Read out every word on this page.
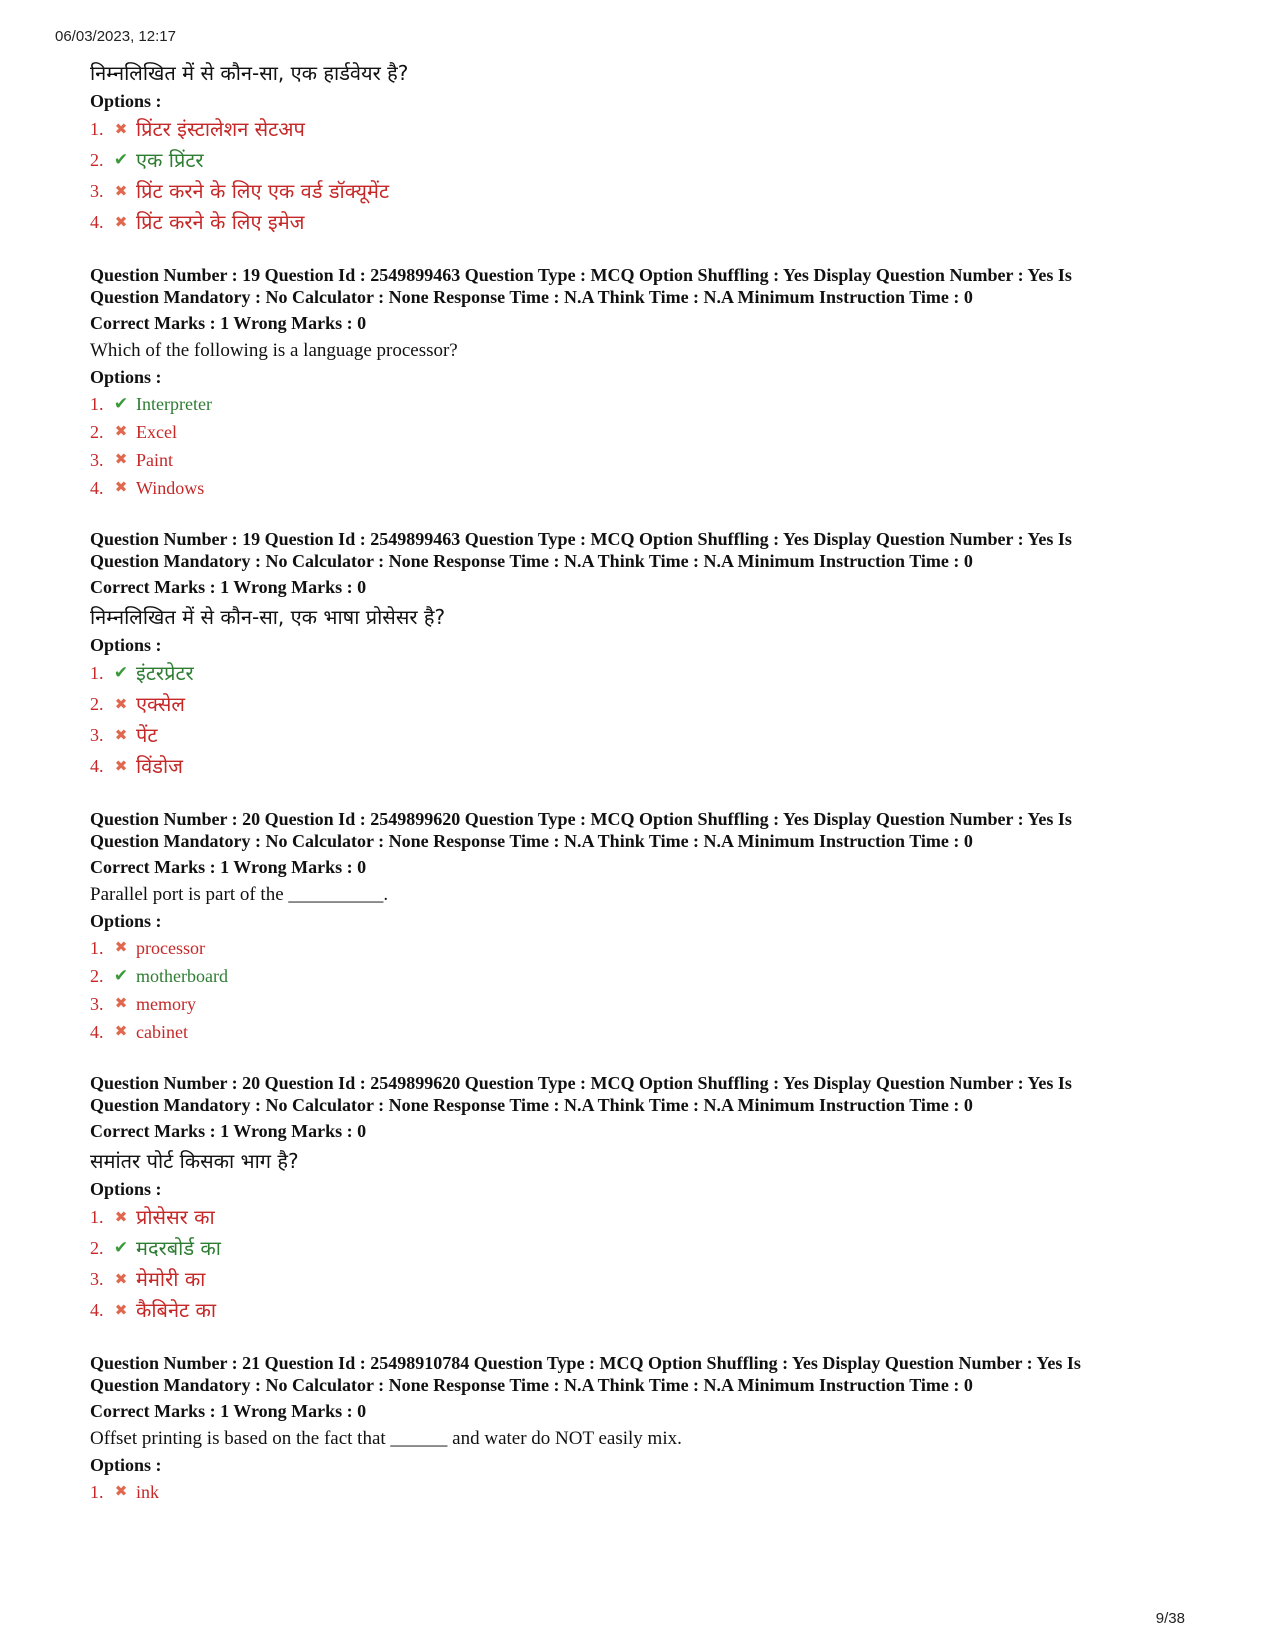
06/03/2023, 12:17

निम्नलिखित में से कौन-सा, एक हार्डवेयर है?

Options :

1. ✖ प्रिंटर इंस्टालेशन सेटअप
2. ✔ एक प्रिंटर
3. ✖ प्रिंट करने के लिए एक वर्ड डॉक्यूमेंट
4. ✖ प्रिंट करने के लिए इमेज

Question Number : 19 Question Id : 2549899463 Question Type : MCQ Option Shuffling : Yes Display Question Number : Yes Is

Question Mandatory : No Calculator : None Response Time : N.A Think Time : N.A Minimum Instruction Time : 0

Correct Marks : 1 Wrong Marks : 0

Which of the following is a language processor?

Options :

1. ✔ Interpreter
2. ✖ Excel
3. ✖ Paint
4. ✖ Windows

Question Number : 19 Question Id : 2549899463 Question Type : MCQ Option Shuffling : Yes Display Question Number : Yes Is

Question Mandatory : No Calculator : None Response Time : N.A Think Time : N.A Minimum Instruction Time : 0

Correct Marks : 1 Wrong Marks : 0

निम्नलिखित में से कौन-सा, एक भाषा प्रोसेसर है?

Options :

1. ✔ इंटरप्रेटर
2. ✖ एक्सेल
3. ✖ पेंट
4. ✖ विंडोज

Question Number : 20 Question Id : 2549899620 Question Type : MCQ Option Shuffling : Yes Display Question Number : Yes Is

Question Mandatory : No Calculator : None Response Time : N.A Think Time : N.A Minimum Instruction Time : 0

Correct Marks : 1 Wrong Marks : 0

Parallel port is part of the __________.

Options :

1. ✖ processor
2. ✔ motherboard
3. ✖ memory
4. ✖ cabinet

Question Number : 20 Question Id : 2549899620 Question Type : MCQ Option Shuffling : Yes Display Question Number : Yes Is

Question Mandatory : No Calculator : None Response Time : N.A Think Time : N.A Minimum Instruction Time : 0

Correct Marks : 1 Wrong Marks : 0

समांतर पोर्ट किसका भाग है?

Options :

1. ✖ प्रोसेसर का
2. ✔ मदरबोर्ड का
3. ✖ मेमोरी का
4. ✖ कैबिनेट का

Question Number : 21 Question Id : 25498910784 Question Type : MCQ Option Shuffling : Yes Display Question Number : Yes Is

Question Mandatory : No Calculator : None Response Time : N.A Think Time : N.A Minimum Instruction Time : 0

Correct Marks : 1 Wrong Marks : 0

Offset printing is based on the fact that ______ and water do NOT easily mix.

Options :

1. ✖ ink
9/38
